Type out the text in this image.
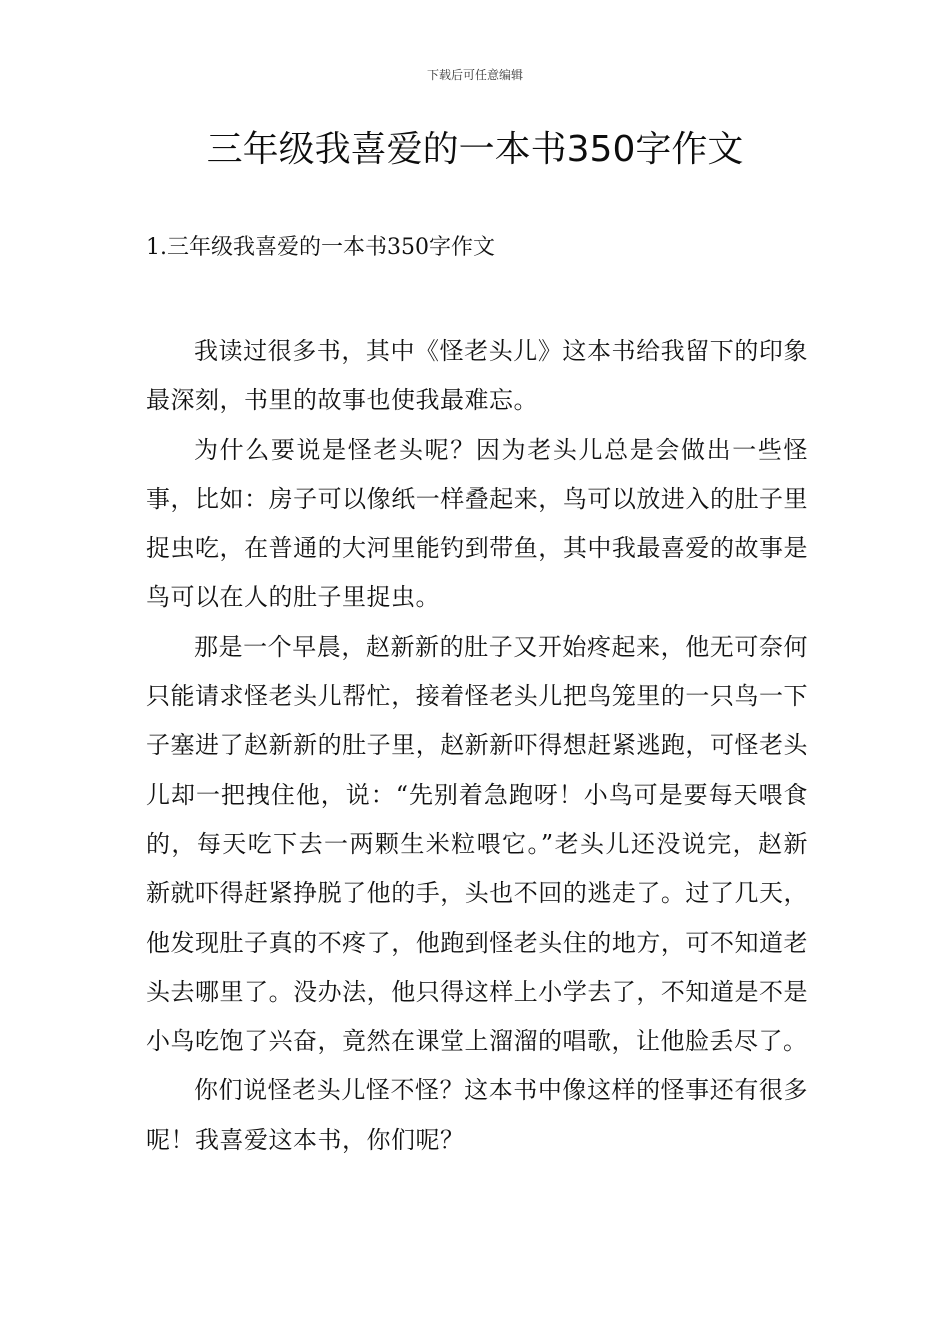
下载后可任意编辑
三年级我喜爱的一本书350字作文
1.三年级我喜爱的一本书350字作文

我读过很多书，其中《怪老头儿》这本书给我留下的印象最深刻，书里的故事也使我最难忘。

为什么要说是怪老头呢？因为老头儿总是会做出一些怪事，比如：房子可以像纸一样叠起来，鸟可以放进入的肚子里捉虫吃，在普通的大河里能钓到带鱼，其中我最喜爱的故事是鸟可以在人的肚子里捉虫。

那是一个早晨，赵新新的肚子又开始疼起来，他无可奈何只能请求怪老头儿帮忙，接着怪老头儿把鸟笼里的一只鸟一下子塞进了赵新新的肚子里，赵新新吓得想赶紧逃跑，可怪老头儿却一把拽住他，说：“先别着急跑呀！小鸟可是要每天喂食的，每天吃下去一两颗生米粒喂它。”老头儿还没说完，赵新新就吓得赶紧挣脱了他的手，头也不回的逃走了。过了几天，他发现肚子真的不疼了，他跑到怪老头住的地方，可不知道老头去哪里了。没办法，他只得这样上小学去了，不知道是不是小鸟吃饱了兴奋，竟然在课堂上溜溜的唱歌，让他脸丢尽了。

你们说怪老头儿怪不怪？这本书中像这样的怪事还有很多呢！我喜爱这本书，你们呢？
